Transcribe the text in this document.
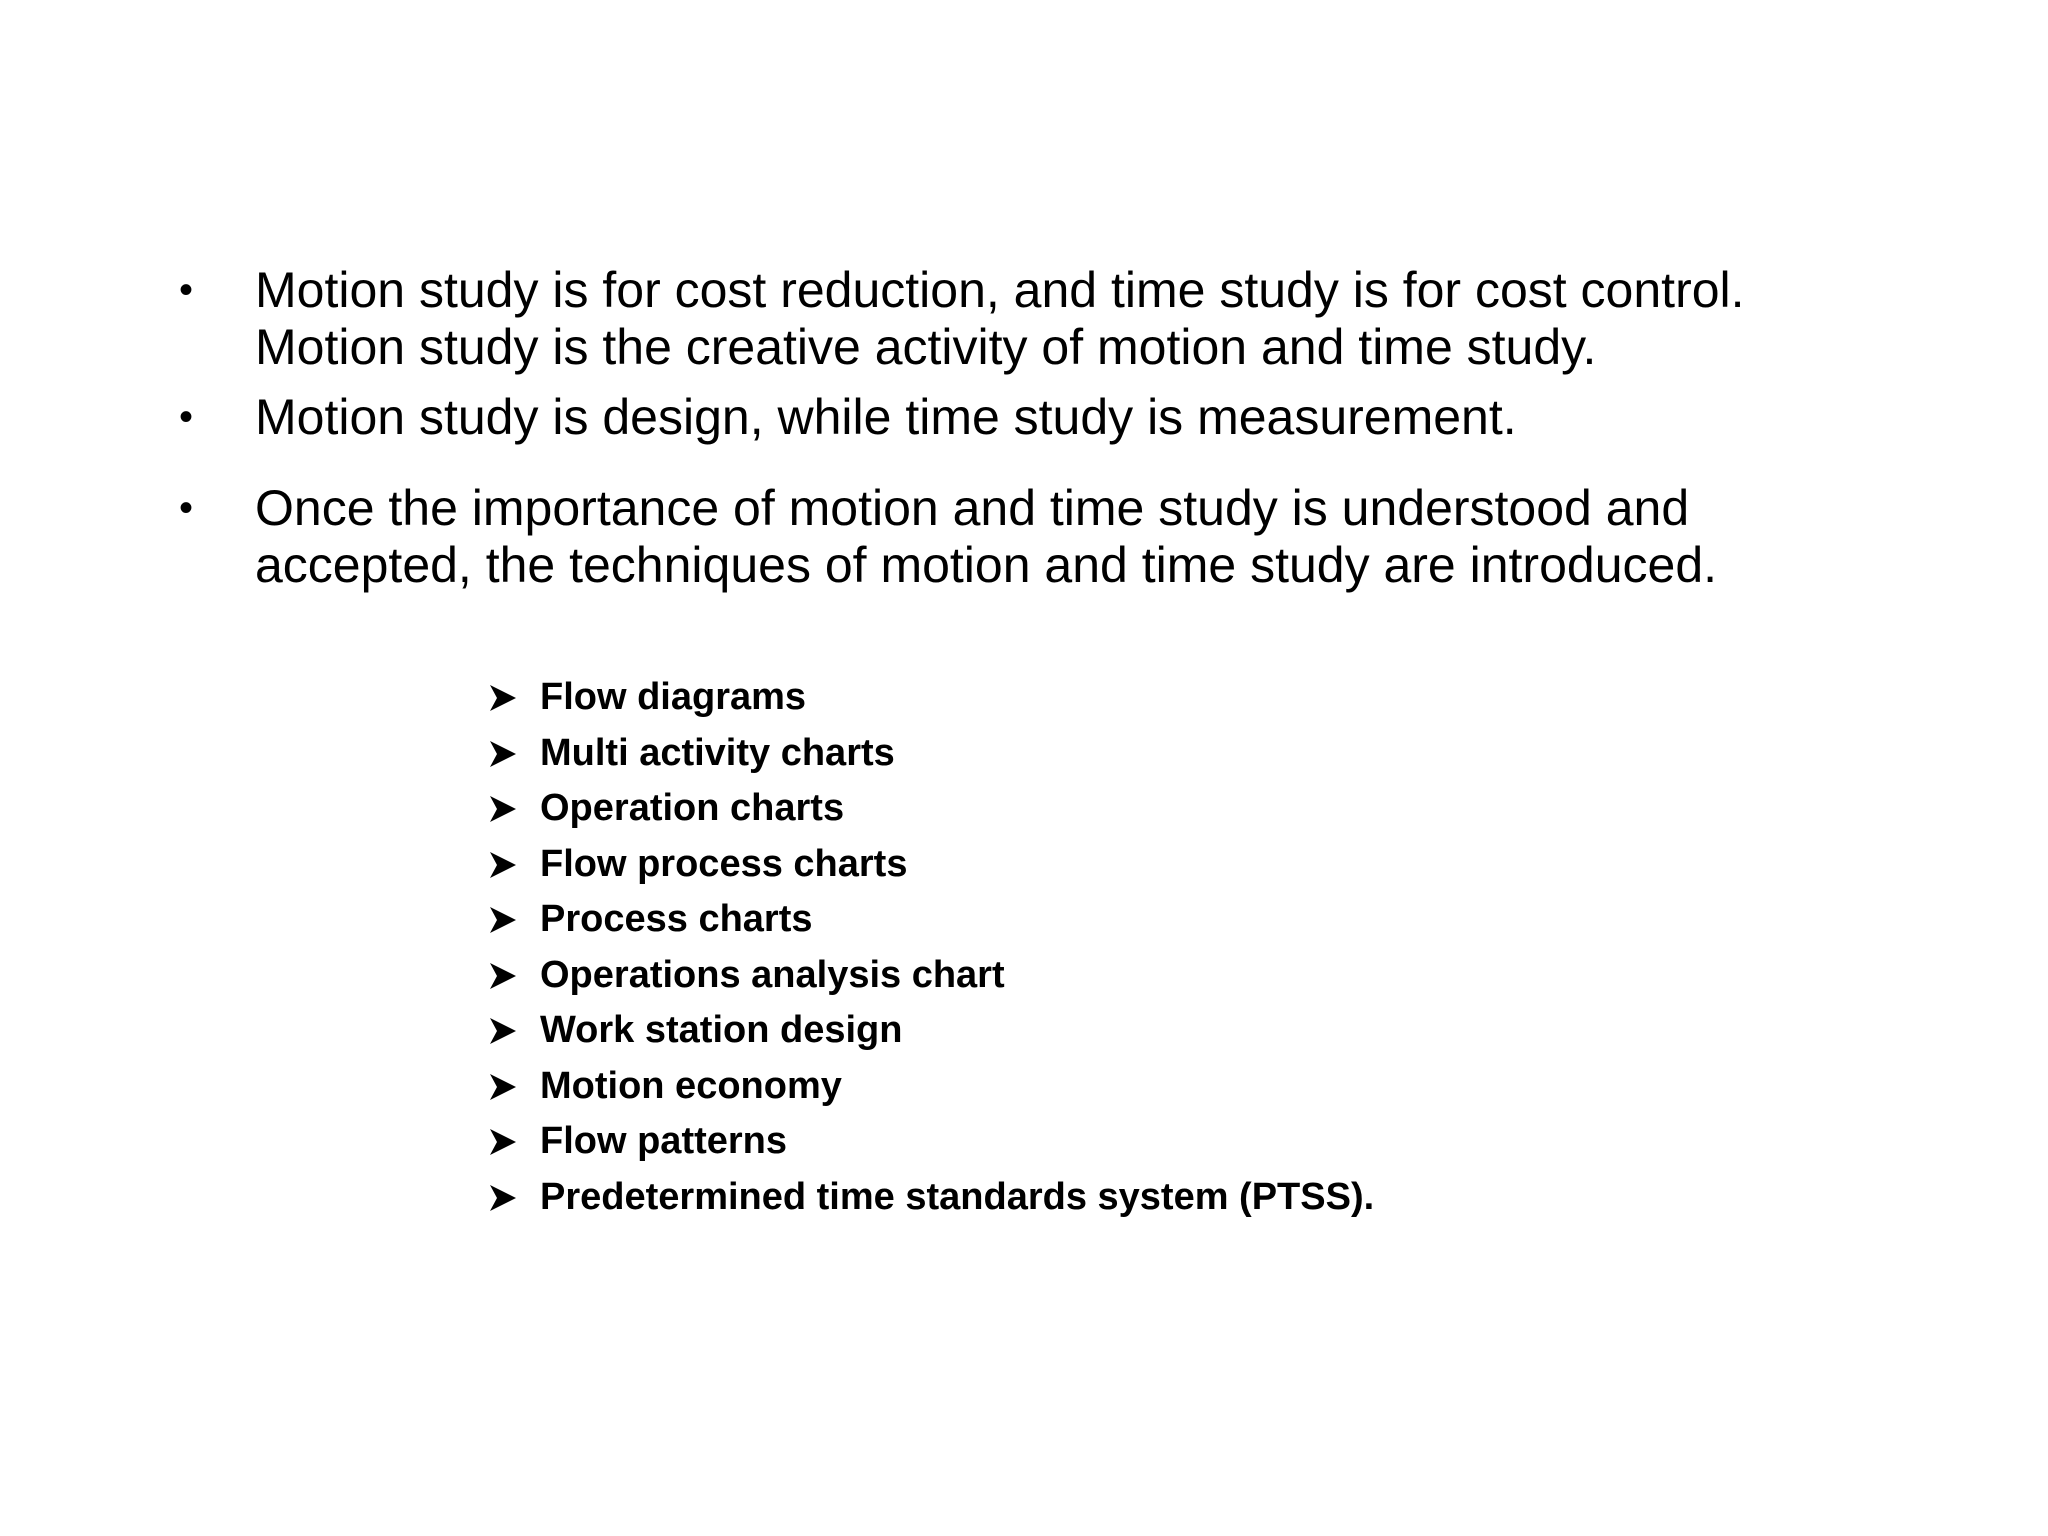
• Motion study is for cost reduction, and time study is for cost control.
Motion study is the creative activity of motion and time study.
• Motion study is design, while time study is measurement.
• Once the importance of motion and time study is understood and
accepted, the techniques of motion and time study are introduced.
Flow diagrams
Multi activity charts
Operation charts
Flow process charts
Process charts
Operations analysis chart
Work station design
Motion economy
Flow patterns
Predetermined time standards system (PTSS).
